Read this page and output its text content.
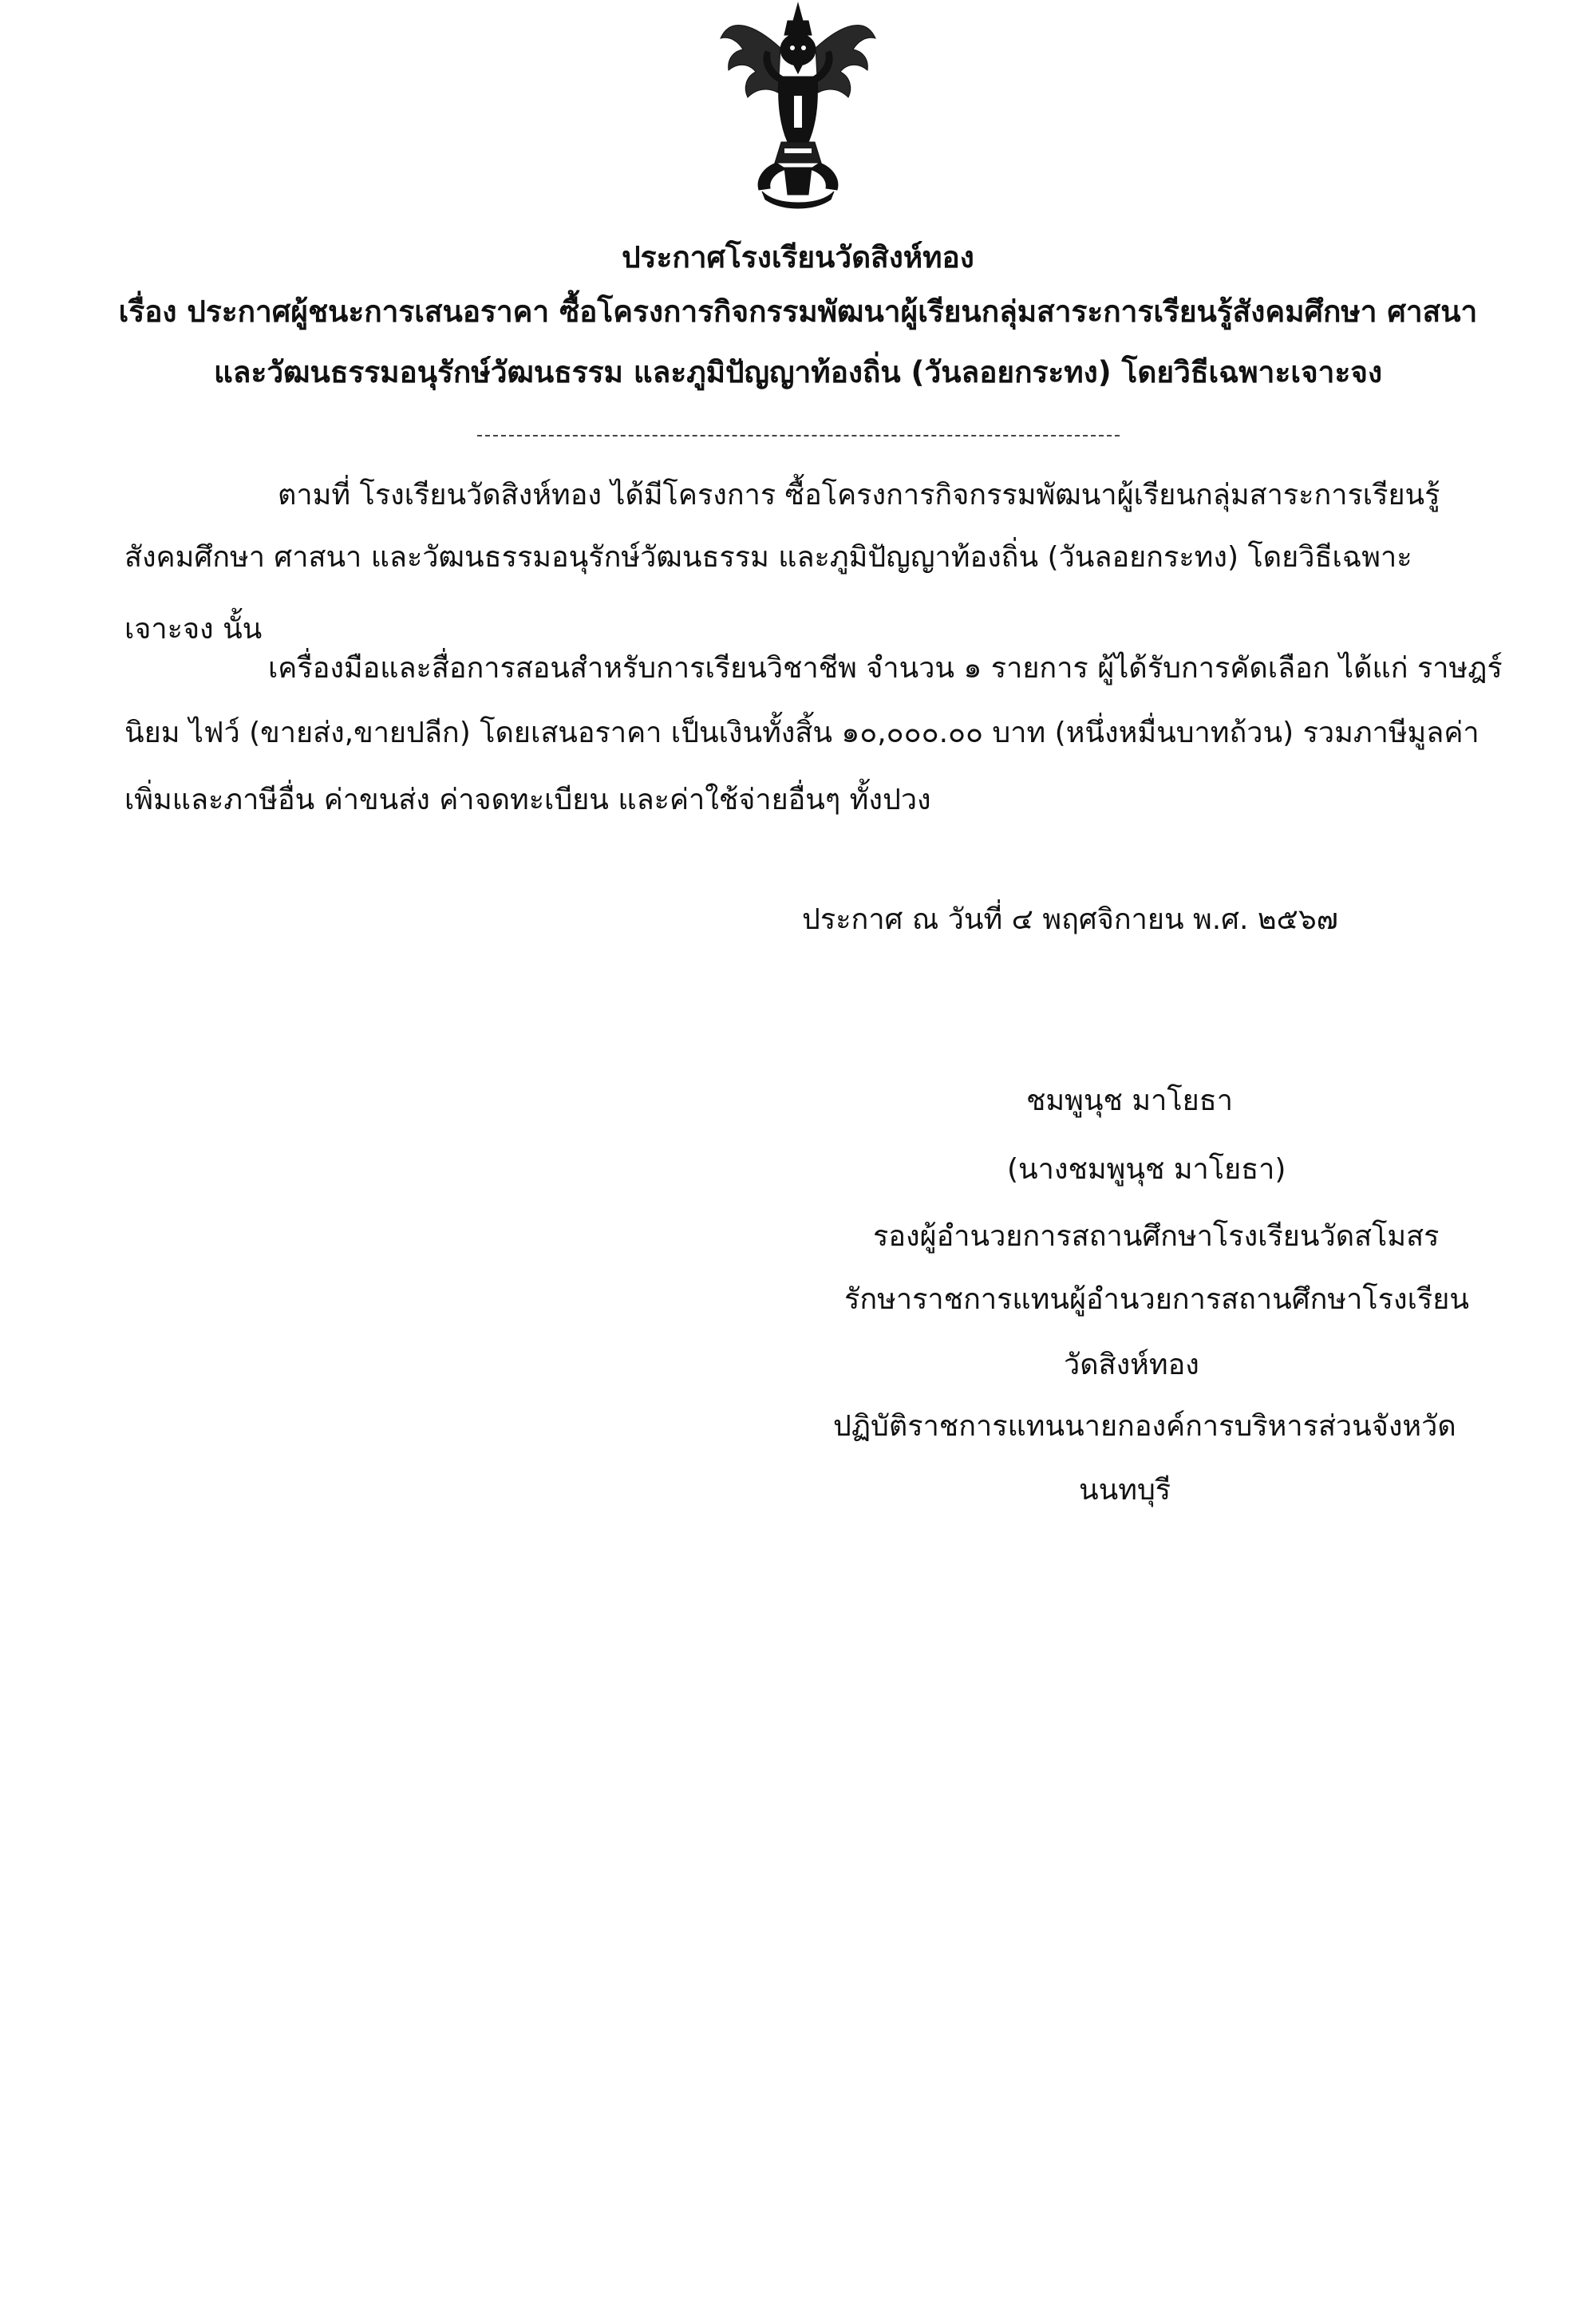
ประกาศโรงเรียนวัดสิงห์ทอง
เรื่อง ประกาศผู้ชนะการเสนอราคา ซื้อโครงการกิจกรรมพัฒนาผู้เรียนกลุ่มสาระการเรียนรู้สังคมศึกษา ศาสนา
และวัฒนธรรมอนุรักษ์วัฒนธรรม และภูมิปัญญาท้องถิ่น (วันลอยกระทง) โดยวิธีเฉพาะเจาะจง
ตามที่ โรงเรียนวัดสิงห์ทอง ได้มีโครงการ ซื้อโครงการกิจกรรมพัฒนาผู้เรียนกลุ่มสาระการเรียนรู้
สังคมศึกษา ศาสนา และวัฒนธรรมอนุรักษ์วัฒนธรรม และภูมิปัญญาท้องถิ่น (วันลอยกระทง) โดยวิธีเฉพาะ
เจาะจง นั้น
เครื่องมือและสื่อการสอนสำหรับการเรียนวิชาชีพ จำนวน ๑ รายการ ผู้ได้รับการคัดเลือก ได้แก่ ราษฎร์
นิยม ไฟว์ (ขายส่ง,ขายปลีก) โดยเสนอราคา เป็นเงินทั้งสิ้น ๑๐,๐๐๐.๐๐ บาท (หนึ่งหมื่นบาทถ้วน) รวมภาษีมูลค่า
เพิ่มและภาษีอื่น ค่าขนส่ง ค่าจดทะเบียน และค่าใช้จ่ายอื่นๆ ทั้งปวง
ประกาศ ณ วันที่ ๔ พฤศจิกายน พ.ศ. ๒๕๖๗
ชมพูนุช มาโยธา
(นางชมพูนุช มาโยธา)
รองผู้อำนวยการสถานศึกษาโรงเรียนวัดสโมสร
รักษาราชการแทนผู้อำนวยการสถานศึกษาโรงเรียน
วัดสิงห์ทอง
ปฏิบัติราชการแทนนายกองค์การบริหารส่วนจังหวัด
นนทบุรี
